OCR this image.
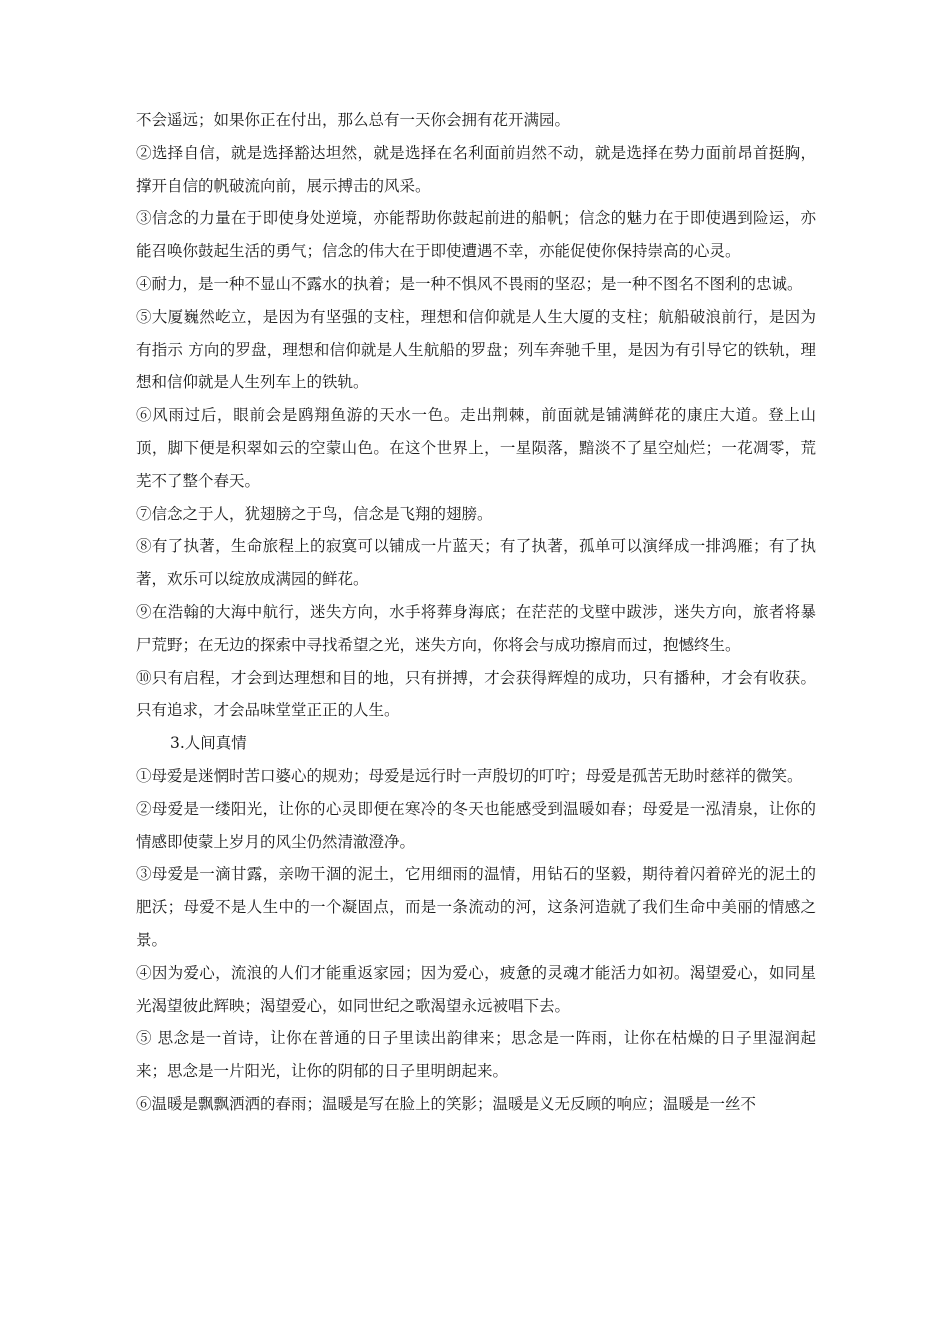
不会遥远；如果你正在付出，那么总有一天你会拥有花开满园。

②选择自信，就是选择豁达坦然，就是选择在名利面前岿然不动，就是选择在势力面前昂首挺胸，撑开自信的帆破流向前，展示搏击的风采。

③信念的力量在于即使身处逆境，亦能帮助你鼓起前进的船帆；信念的魅力在于即使遇到险运，亦能召唤你鼓起生活的勇气；信念的伟大在于即使遭遇不幸，亦能促使你保持崇高的心灵。

④耐力，是一种不显山不露水的执着；是一种不惧风不畏雨的坚忍；是一种不图名不图利的忠诚。

⑤大厦巍然屹立，是因为有坚强的支柱，理想和信仰就是人生大厦的支柱；航船破浪前行，是因为有指示 方向的罗盘，理想和信仰就是人生航船的罗盘；列车奔驰千里，是因为有引导它的铁轨，理想和信仰就是人生列车上的铁轨。

⑥风雨过后，眼前会是鸥翔鱼游的天水一色。走出荆棘，前面就是铺满鲜花的康庄大道。登上山顶，脚下便是积翠如云的空蒙山色。在这个世界上，一星陨落，黯淡不了星空灿烂；一花凋零，荒芜不了整个春天。

⑦信念之于人，犹翅膀之于鸟，信念是飞翔的翅膀。

⑧有了执著，生命旅程上的寂寞可以铺成一片蓝天；有了执著，孤单可以演绎成一排鸿雁；有了执著，欢乐可以绽放成满园的鲜花。

⑨在浩翰的大海中航行，迷失方向，水手将葬身海底；在茫茫的戈壁中跋涉，迷失方向，旅者将暴尸荒野；在无边的探索中寻找希望之光，迷失方向，你将会与成功擦肩而过，抱憾终生。

⑩只有启程，才会到达理想和目的地，只有拼搏，才会获得辉煌的成功，只有播种，才会有收获。只有追求，才会品味堂堂正正的人生。

3.人间真情

①母爱是迷惘时苦口婆心的规劝；母爱是远行时一声殷切的叮咛；母爱是孤苦无助时慈祥的微笑。

②母爱是一缕阳光，让你的心灵即便在寒冷的冬天也能感受到温暖如春；母爱是一泓清泉，让你的情感即使蒙上岁月的风尘仍然清澈澄净。

③母爱是一滴甘露，亲吻干涸的泥土，它用细雨的温情，用钻石的坚毅，期待着闪着碎光的泥土的肥沃；母爱不是人生中的一个凝固点，而是一条流动的河，这条河造就了我们生命中美丽的情感之景。

④因为爱心，流浪的人们才能重返家园；因为爱心，疲惫的灵魂才能活力如初。渴望爱心，如同星光渴望彼此辉映；渴望爱心，如同世纪之歌渴望永远被唱下去。

⑤ 思念是一首诗，让你在普通的日子里读出韵律来；思念是一阵雨，让你在枯燥的日子里湿润起来；思念是一片阳光，让你的阴郁的日子里明朗起来。

⑥温暖是飘飘洒洒的春雨；温暖是写在脸上的笑影；温暖是义无反顾的响应；温暖是一丝不
